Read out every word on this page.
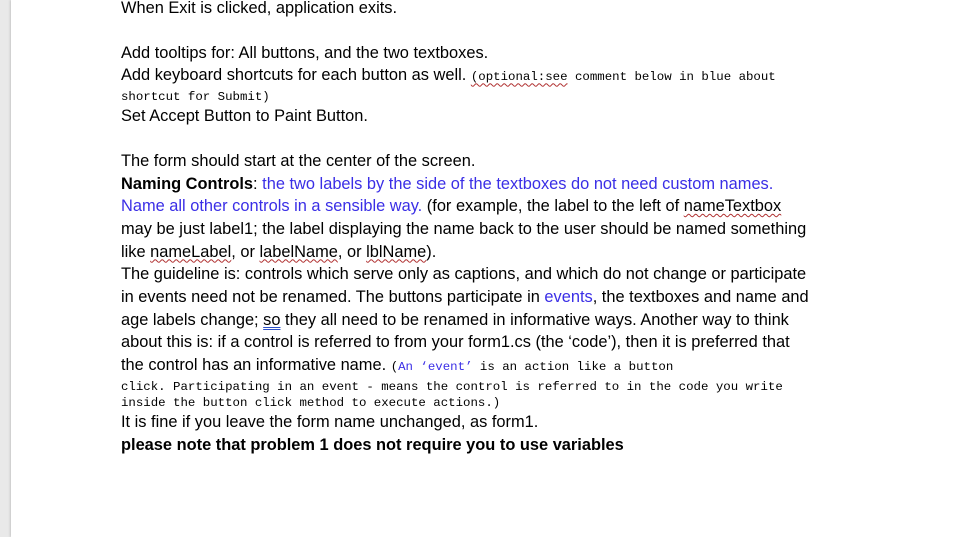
When Exit is clicked, application exits.
Add tooltips for: All buttons, and the two textboxes.
Add keyboard shortcuts for each button as well. (optional:see comment below in blue about
shortcut for Submit)
Set Accept Button to Paint Button.
The form should start at the center of the screen.
Naming Controls: the two labels by the side of the textboxes do not need custom names.
Name all other controls in a sensible way. (for example, the label to the left of nameTextbox
may be just label1; the label displaying the name back to the user should be named something
like nameLabel, or labelName, or lblName).
The guideline is: controls which serve only as captions, and which do not change or participate
in events need not be renamed. The buttons participate in events, the textboxes and name and
age labels change; so they all need to be renamed in informative ways. Another way to think
about this is: if a control is referred to from your form1.cs (the ‘code’), then it is preferred that
the control has an informative name. (An ‘event’ is an action like a button
click. Participating in an event - means the control is referred to in the code you write
inside the button click method to execute actions.)
It is fine if you leave the form name unchanged, as form1.
please note that problem 1 does not require you to use variables
